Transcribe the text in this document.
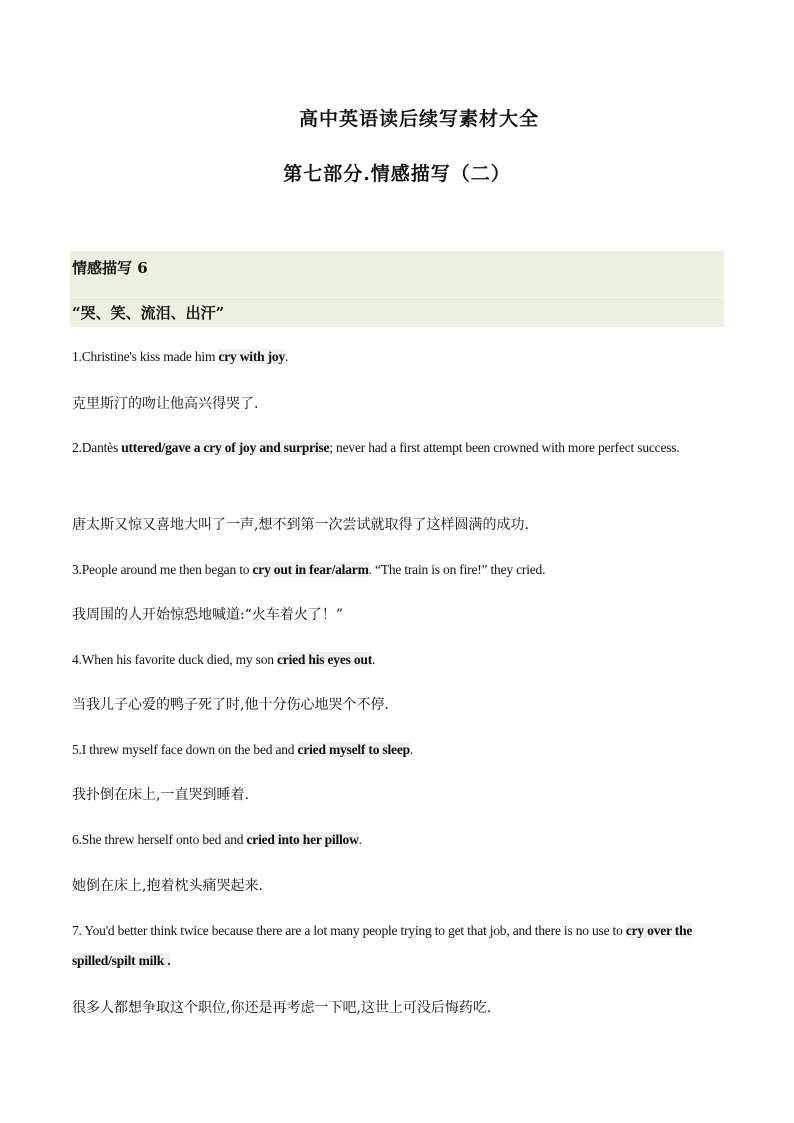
高中英语读后续写素材大全
第七部分.情感描写（二）
情感描写 6
“哭、笑、流泪、出汗”
1.Christine's kiss made him cry with joy.
克里斯汀的吻让他高兴得哭了.
2.Dantès uttered/gave a cry of joy and surprise; never had a first attempt been crowned with more perfect success.
唐太斯又惊又喜地大叫了一声,想不到第一次尝试就取得了这样圆满的成功.
3.People around me then began to cry out in fear/alarm. “The train is on fire!” they cried.
我周围的人开始惊恐地喊道:“火车着火了！”
4.When his favorite duck died, my son cried his eyes out.
当我儿子心爱的鸭子死了时,他十分伤心地哭个不停.
5.I threw myself face down on the bed and cried myself to sleep.
我扑倒在床上,一直哭到睡着.
6.She threw herself onto bed and cried into her pillow.
她倒在床上,抱着枕头痛哭起来.
7. You'd better think twice because there are a lot many people trying to get that job, and there is no use to cry over the spilled/spilt milk .
很多人都想争取这个职位,你还是再考虑一下吧,这世上可没后悔药吃.
